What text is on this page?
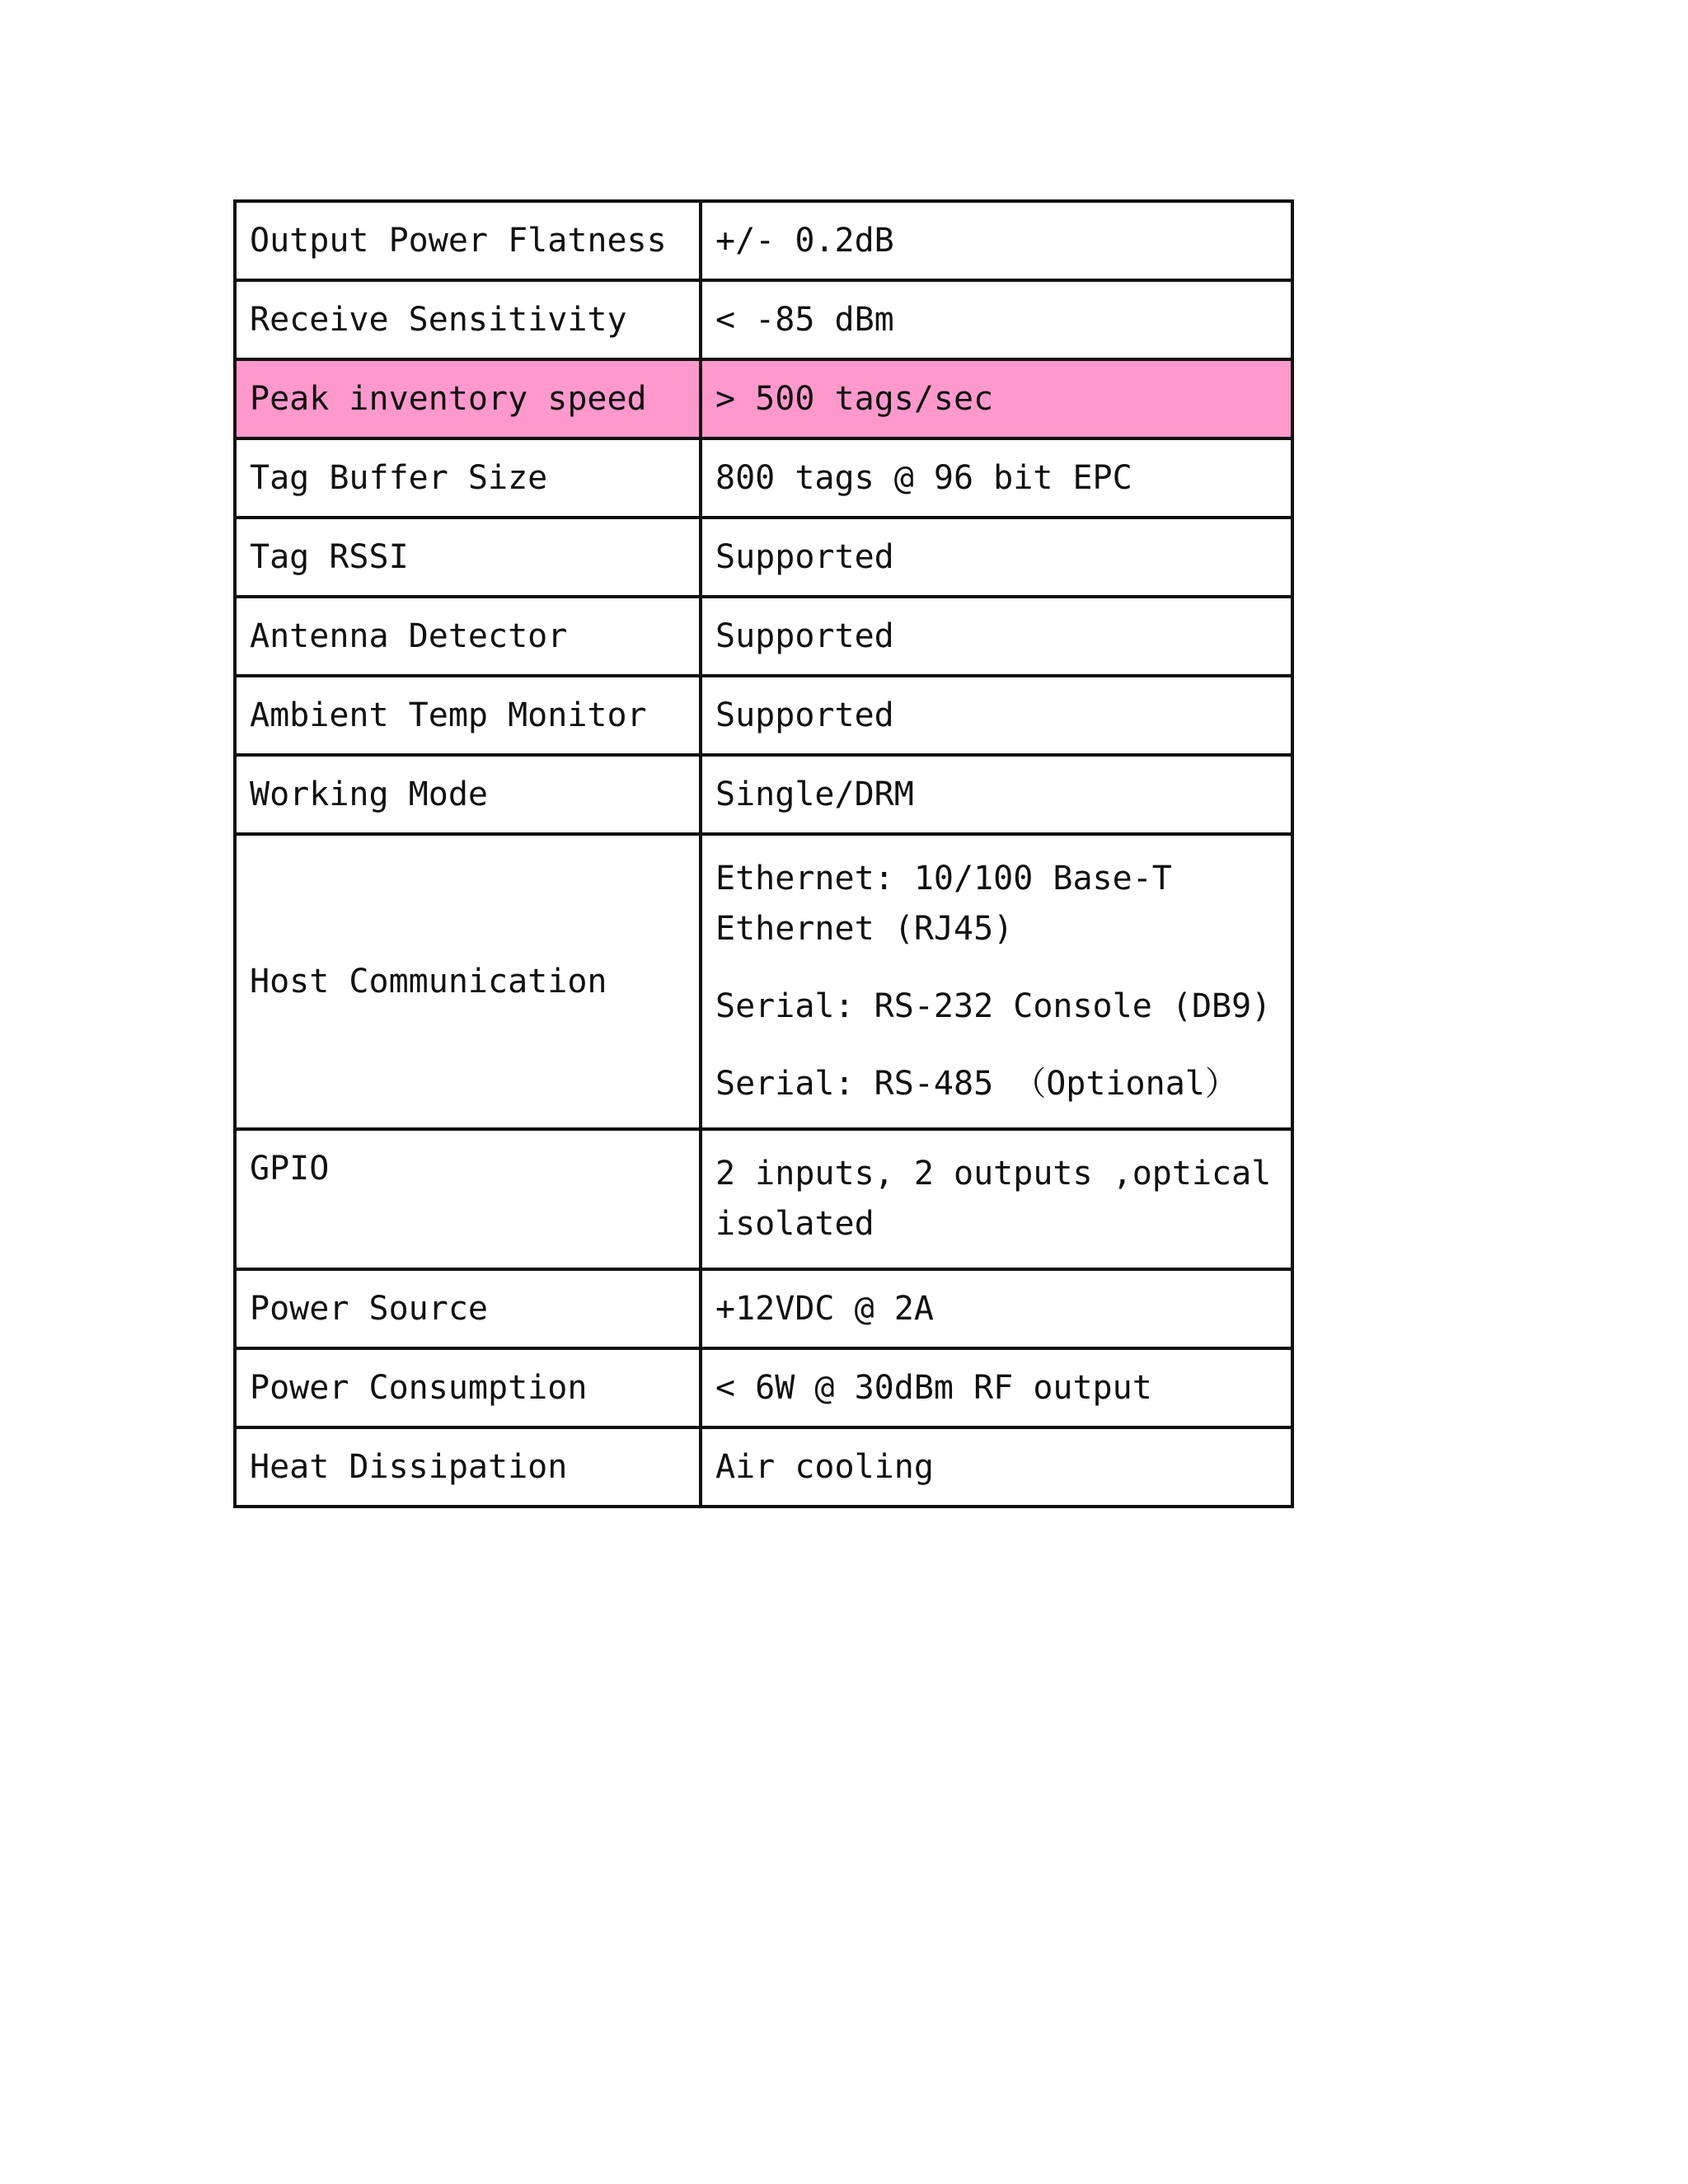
Output Power Flatness	+/- 0.2dB
Receive Sensitivity	< -85 dBm
Peak inventory speed	> 500 tags/sec
Tag Buffer Size	800 tags @ 96 bit EPC
Tag RSSI	Supported
Antenna Detector	Supported
Ambient Temp Monitor	Supported
Working Mode	Single/DRM
Host Communication	Ethernet: 10/100 Base-T Ethernet (RJ45)
Serial: RS-232 Console (DB9)
Serial: RS-485 （Optional）

GPIO	2 inputs, 2 outputs ,optical isolated
Power Source	+12VDC @ 2A
Power Consumption	< 6W @ 30dBm RF output
Heat Dissipation	Air cooling
